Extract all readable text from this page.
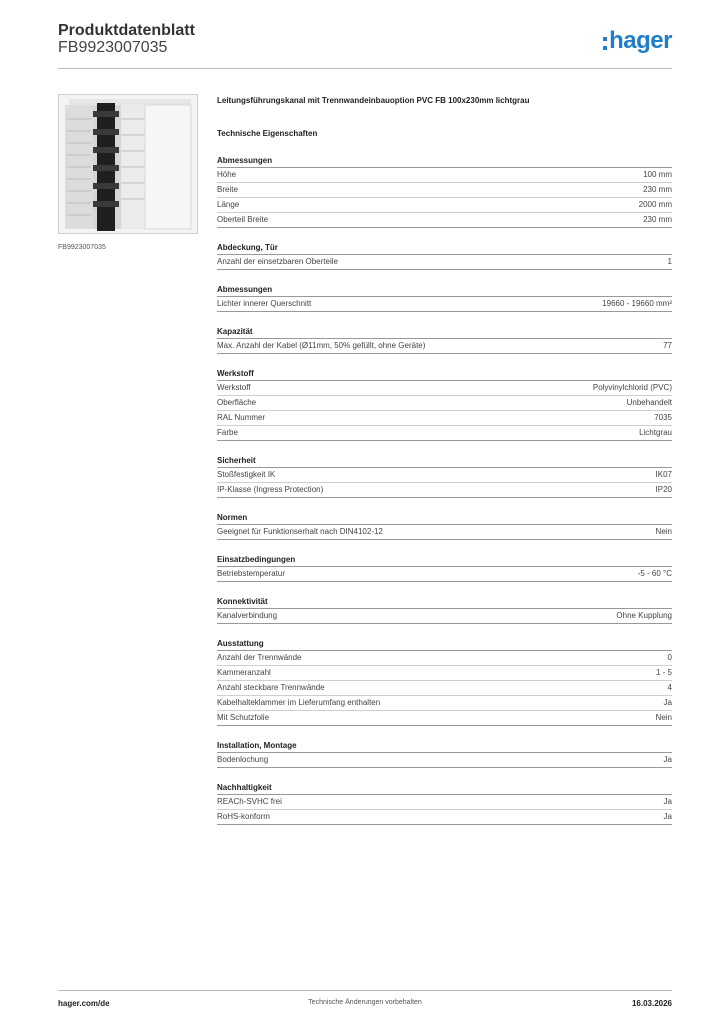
Produktdatenblatt
FB9923007035	hager
FB9923007035
Leitungsführungskanal mit Trennwandeinbauoption PVC FB 100x230mm lichtgrau
Technische Eigenschaften
Abmessungen
Höhe	100 mm
Breite	230 mm
Länge	2000 mm
Oberteil Breite	230 mm
Abdeckung, Tür
Anzahl der einsetzbaren Oberteile	1
Abmessungen
Lichter innerer Querschnitt	19660 - 19660 mm²
Kapazität
Max. Anzahl der Kabel (Ø11mm, 50% gefüllt, ohne Geräte)	77
Werkstoff
Werkstoff	Polyvinylchlorid (PVC)
Oberfläche	Unbehandelt
RAL Nummer	7035
Farbe	Lichtgrau
Sicherheit
Stoßfestigkeit IK	IK07
IP-Klasse (Ingress Protection)	IP20
Normen
Geeignet für Funktionserhalt nach DIN4102-12	Nein
Einsatzbedingungen
Betriebstemperatur	-5 - 60 °C
Konnektivität
Kanalverbindung	Ohne Kupplung
Ausstattung
Anzahl der Trennwände	0
Kammeranzahl	1 - 5
Anzahl steckbare Trennwände	4
Kabelhalteklammer im Lieferumfang enthalten	Ja
Mit Schutzfolie	Nein
Installation, Montage
Bodenlochung	Ja
Nachhaltigkeit
REACh-SVHC frei	Ja
RoHS-konform	Ja
hager.com/de	Technische Änderungen vorbehalten	16.03.2026
